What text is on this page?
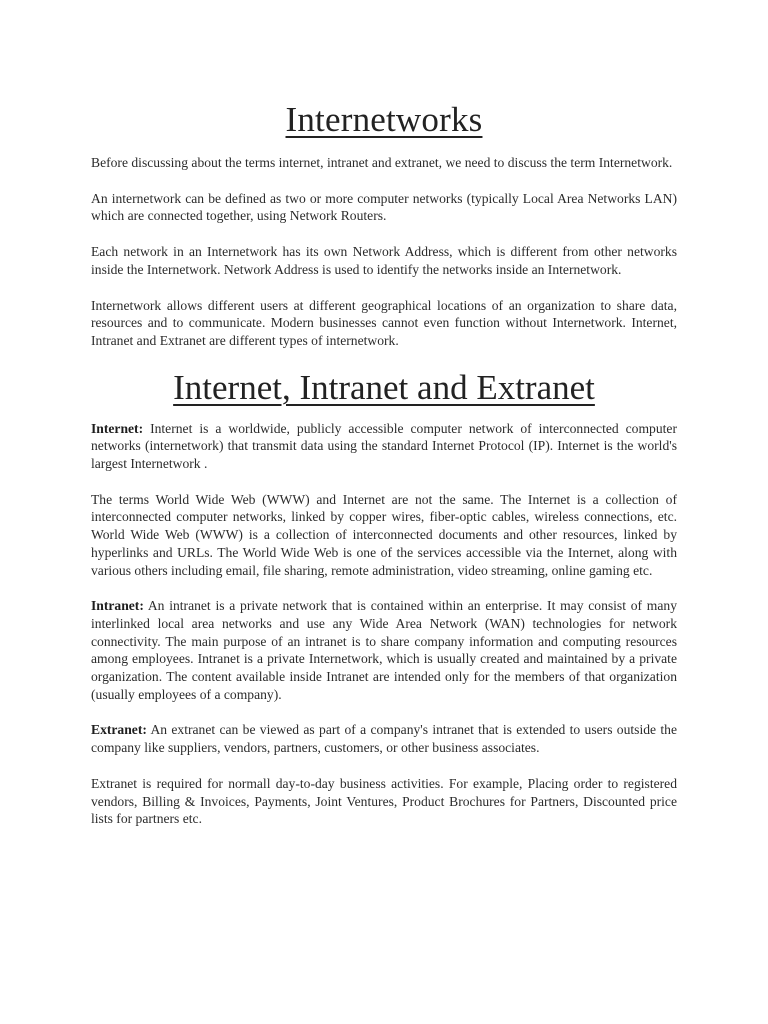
Internetworks

Before discussing about the terms internet, intranet and extranet, we need to discuss the term Internetwork.

An internetwork can be defined as two or more computer networks (typically Local Area Networks LAN) which are connected together, using Network Routers.

Each network in an Internetwork has its own Network Address, which is different from other networks inside the Internetwork. Network Address is used to identify the networks inside an Internetwork.

Internetwork allows different users at different geographical locations of an organization to share data, resources and to communicate. Modern businesses cannot even function without Internetwork. Internet, Intranet and Extranet are different types of internetwork.

Internet, Intranet and Extranet

Internet: Internet is a worldwide, publicly accessible computer network of interconnected computer networks (internetwork) that transmit data using the standard Internet Protocol (IP). Internet is the world's largest Internetwork .

The terms World Wide Web (WWW) and Internet are not the same. The Internet is a collection of interconnected computer networks, linked by copper wires, fiber-optic cables, wireless connections, etc. World Wide Web (WWW) is a collection of interconnected documents and other resources, linked by hyperlinks and URLs. The World Wide Web is one of the services accessible via the Internet, along with various others including email, file sharing, remote administration, video streaming, online gaming etc.

Intranet: An intranet is a private network that is contained within an enterprise. It may consist of many interlinked local area networks and use any Wide Area Network (WAN) technologies for network connectivity. The main purpose of an intranet is to share company information and computing resources among employees. Intranet is a private Internetwork, which is usually created and maintained by a private organization. The content available inside Intranet are intended only for the members of that organization (usually employees of a company).

Extranet: An extranet can be viewed as part of a company's intranet that is extended to users outside the company like suppliers, vendors, partners, customers, or other business associates.

Extranet is required for normall day-to-day business activities. For example, Placing order to registered vendors, Billing & Invoices, Payments, Joint Ventures, Product Brochures for Partners, Discounted price lists for partners etc.
